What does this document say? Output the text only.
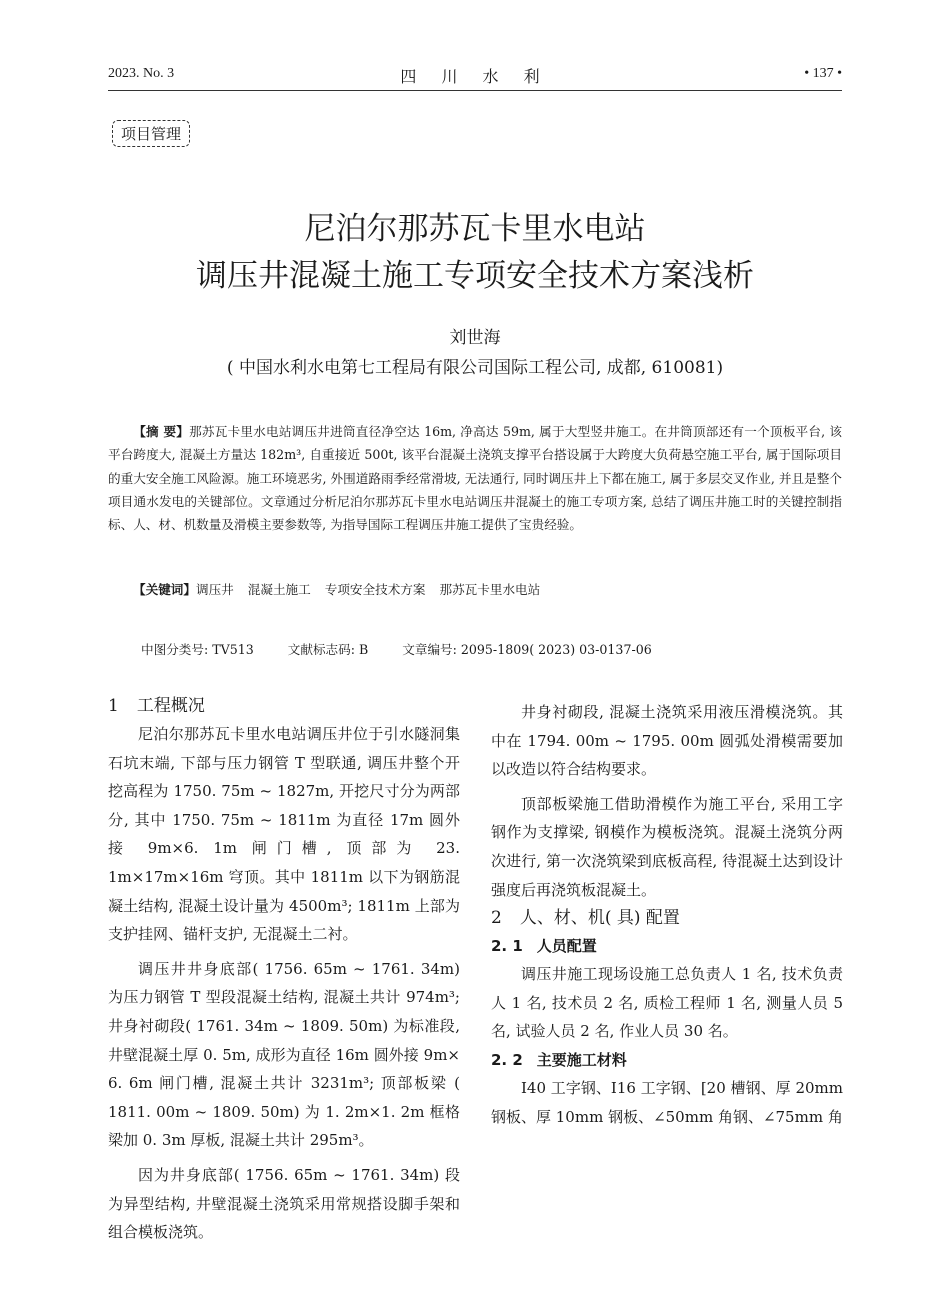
2023. No. 3	四 川 水 利	• 137 •
项目管理
尼泊尔那苏瓦卡里水电站
调压井混凝土施工专项安全技术方案浅析
刘世海
( 中国水利水电第七工程局有限公司国际工程公司, 成都, 610081)

【摘 要】那苏瓦卡里水电站调压井进筒直径净空达 16m, 净高达 59m, 属于大型竖井施工。在井筒顶部还有一个顶板平台, 该平台跨度大, 混凝土方量达 182m³, 自重接近 500t, 该平台混凝土浇筑支撑平台搭设属于大跨度大负荷悬空施工平台, 属于国际项目的重大安全施工风险源。施工环境恶劣, 外围道路雨季经常滑坡, 无法通行, 同时调压井上下都在施工, 属于多层交叉作业, 并且是整个项目通水发电的关键部位。文章通过分析尼泊尔那苏瓦卡里水电站调压井混凝土的施工专项方案, 总结了调压井施工时的关键控制指标、人、材、机数量及滑模主要参数等, 为指导国际工程调压井施工提供了宝贵经验。

【关键词】调压井 混凝土施工 专项安全技术方案 那苏瓦卡里水电站
中图分类号: TV513	文献标志码: B	文章编号: 2095-1809( 2023) 03-0137-06
1 工程概况

尼泊尔那苏瓦卡里水电站调压井位于引水隧洞集石坑末端, 下部与压力钢管 T 型联通, 调压井整个开挖高程为 1750. 75m ~ 1827m, 开挖尺寸分为两部分, 其中 1750. 75m ~ 1811m 为直径 17m 圆外接 9m×6. 1m 闸门槽, 顶部为 23. 1m×17m×16m 穹顶。其中 1811m 以下为钢筋混凝土结构, 混凝土设计量为 4500m³; 1811m 上部为支护挂网、锚杆支护, 无混凝土二衬。

调压井井身底部( 1756. 65m ~ 1761. 34m) 为压力钢管 T 型段混凝土结构, 混凝土共计 974m³; 井身衬砌段( 1761. 34m ~ 1809. 50m) 为标准段, 井壁混凝土厚 0. 5m, 成形为直径 16m 圆外接 9m× 6. 6m 闸门槽, 混凝土共计 3231m³; 顶部板梁 ( 1811. 00m ~ 1809. 50m) 为 1. 2m×1. 2m 框格梁加 0. 3m 厚板, 混凝土共计 295m³。

因为井身底部( 1756. 65m ~ 1761. 34m) 段为异型结构, 井壁混凝土浇筑采用常规搭设脚手架和组合模板浇筑。

井身衬砌段, 混凝土浇筑采用液压滑模浇筑。其中在 1794. 00m ~ 1795. 00m 圆弧处滑模需要加以改造以符合结构要求。

顶部板梁施工借助滑模作为施工平台, 采用工字钢作为支撑梁, 钢模作为模板浇筑。混凝土浇筑分两次进行, 第一次浇筑梁到底板高程, 待混凝土达到设计强度后再浇筑板混凝土。

2 人、材、机( 具) 配置
2. 1 人员配置

调压井施工现场设施工总负责人 1 名, 技术负责人 1 名, 技术员 2 名, 质检工程师 1 名, 测量人员 5 名, 试验人员 2 名, 作业人员 30 名。

2. 2 主要施工材料

I40 工字钢、I16 工字钢、[20 槽钢、厚 20mm 钢板、厚 10mm 钢板、∠50mm 角钢、∠75mm 角
